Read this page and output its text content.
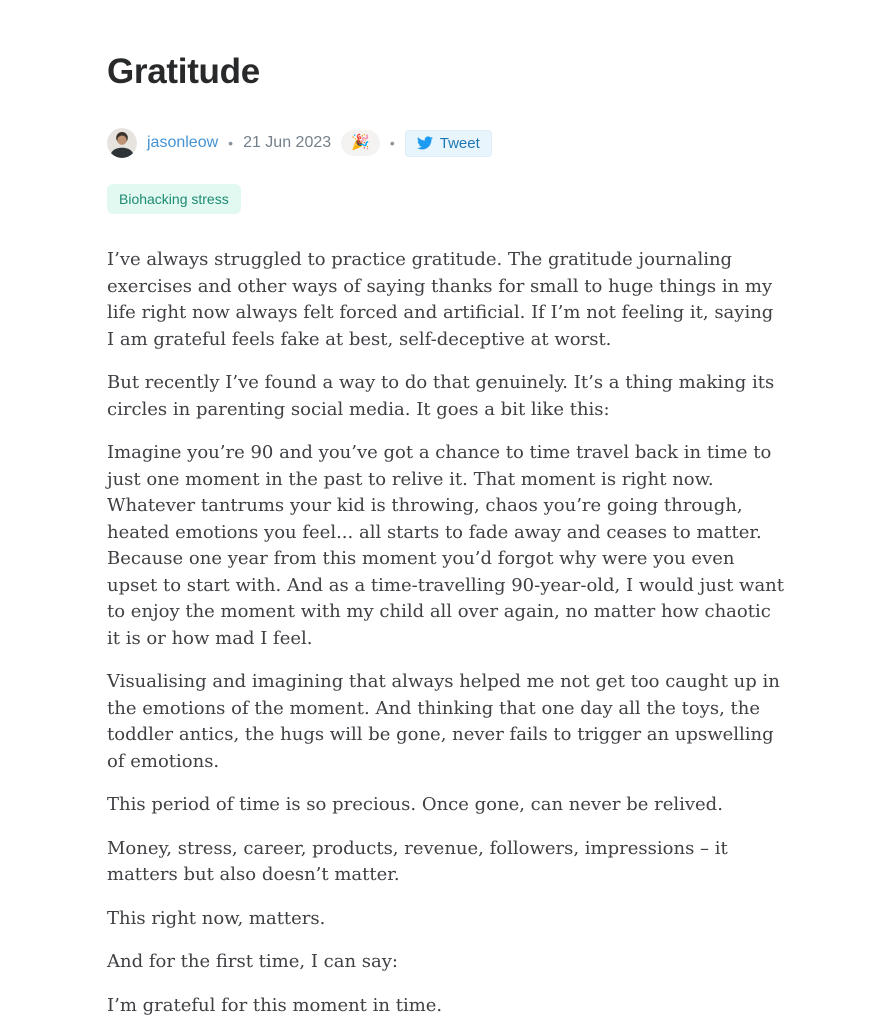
Gratitude
jasonleow • 21 Jun 2023	🎉	•	Tweet
Biohacking stress

I’ve always struggled to practice gratitude. The gratitude journaling exercises and other ways of saying thanks for small to huge things in my life right now always felt forced and artificial. If I’m not feeling it, saying I am grateful feels fake at best, self-deceptive at worst.

But recently I’ve found a way to do that genuinely. It’s a thing making its circles in parenting social media. It goes a bit like this:

Imagine you’re 90 and you’ve got a chance to time travel back in time to just one moment in the past to relive it. That moment is right now. Whatever tantrums your kid is throwing, chaos you’re going through, heated emotions you feel... all starts to fade away and ceases to matter. Because one year from this moment you’d forgot why were you even upset to start with. And as a time-travelling 90-year-old, I would just want to enjoy the moment with my child all over again, no matter how chaotic it is or how mad I feel.

Visualising and imagining that always helped me not get too caught up in the emotions of the moment. And thinking that one day all the toys, the toddler antics, the hugs will be gone, never fails to trigger an upswelling of emotions.

This period of time is so precious. Once gone, can never be relived.

Money, stress, career, products, revenue, followers, impressions – it matters but also doesn’t matter.

This right now, matters.

And for the first time, I can say:

I’m grateful for this moment in time.
